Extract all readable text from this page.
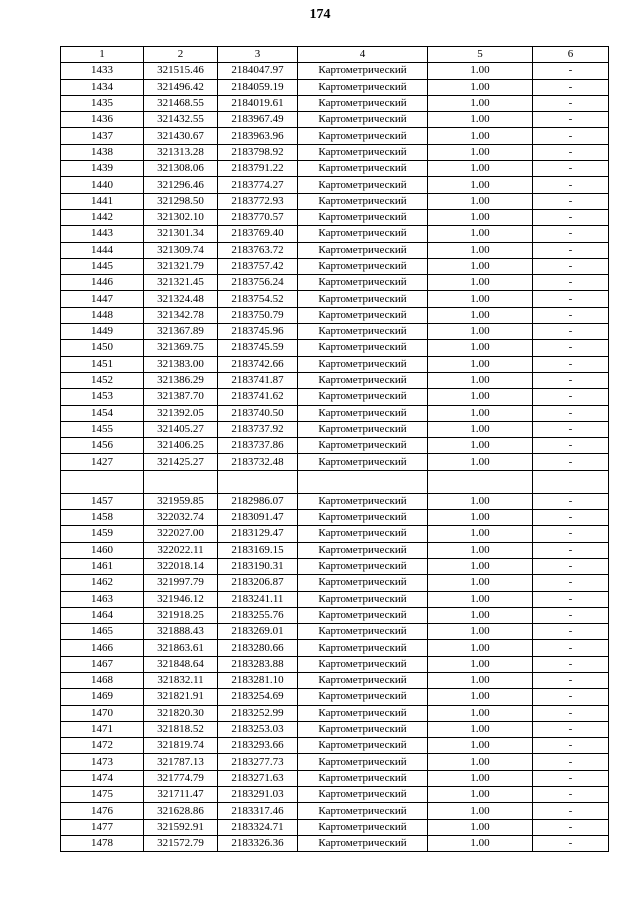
174
1	2	3	4	5	6
1433	321515.46	2184047.97	Картометрический	1.00	-
1434	321496.42	2184059.19	Картометрический	1.00	-
1435	321468.55	2184019.61	Картометрический	1.00	-
1436	321432.55	2183967.49	Картометрический	1.00	-
1437	321430.67	2183963.96	Картометрический	1.00	-
1438	321313.28	2183798.92	Картометрический	1.00	-
1439	321308.06	2183791.22	Картометрический	1.00	-
1440	321296.46	2183774.27	Картометрический	1.00	-
1441	321298.50	2183772.93	Картометрический	1.00	-
1442	321302.10	2183770.57	Картометрический	1.00	-
1443	321301.34	2183769.40	Картометрический	1.00	-
1444	321309.74	2183763.72	Картометрический	1.00	-
1445	321321.79	2183757.42	Картометрический	1.00	-
1446	321321.45	2183756.24	Картометрический	1.00	-
1447	321324.48	2183754.52	Картометрический	1.00	-
1448	321342.78	2183750.79	Картометрический	1.00	-
1449	321367.89	2183745.96	Картометрический	1.00	-
1450	321369.75	2183745.59	Картометрический	1.00	-
1451	321383.00	2183742.66	Картометрический	1.00	-
1452	321386.29	2183741.87	Картометрический	1.00	-
1453	321387.70	2183741.62	Картометрический	1.00	-
1454	321392.05	2183740.50	Картометрический	1.00	-
1455	321405.27	2183737.92	Картометрический	1.00	-
1456	321406.25	2183737.86	Картометрический	1.00	-
1427	321425.27	2183732.48	Картометрический	1.00	-

1457	321959.85	2182986.07	Картометрический	1.00	-
1458	322032.74	2183091.47	Картометрический	1.00	-
1459	322027.00	2183129.47	Картометрический	1.00	-
1460	322022.11	2183169.15	Картометрический	1.00	-
1461	322018.14	2183190.31	Картометрический	1.00	-
1462	321997.79	2183206.87	Картометрический	1.00	-
1463	321946.12	2183241.11	Картометрический	1.00	-
1464	321918.25	2183255.76	Картометрический	1.00	-
1465	321888.43	2183269.01	Картометрический	1.00	-
1466	321863.61	2183280.66	Картометрический	1.00	-
1467	321848.64	2183283.88	Картометрический	1.00	-
1468	321832.11	2183281.10	Картометрический	1.00	-
1469	321821.91	2183254.69	Картометрический	1.00	-
1470	321820.30	2183252.99	Картометрический	1.00	-
1471	321818.52	2183253.03	Картометрический	1.00	-
1472	321819.74	2183293.66	Картометрический	1.00	-
1473	321787.13	2183277.73	Картометрический	1.00	-
1474	321774.79	2183271.63	Картометрический	1.00	-
1475	321711.47	2183291.03	Картометрический	1.00	-
1476	321628.86	2183317.46	Картометрический	1.00	-
1477	321592.91	2183324.71	Картометрический	1.00	-
1478	321572.79	2183326.36	Картометрический	1.00	-
